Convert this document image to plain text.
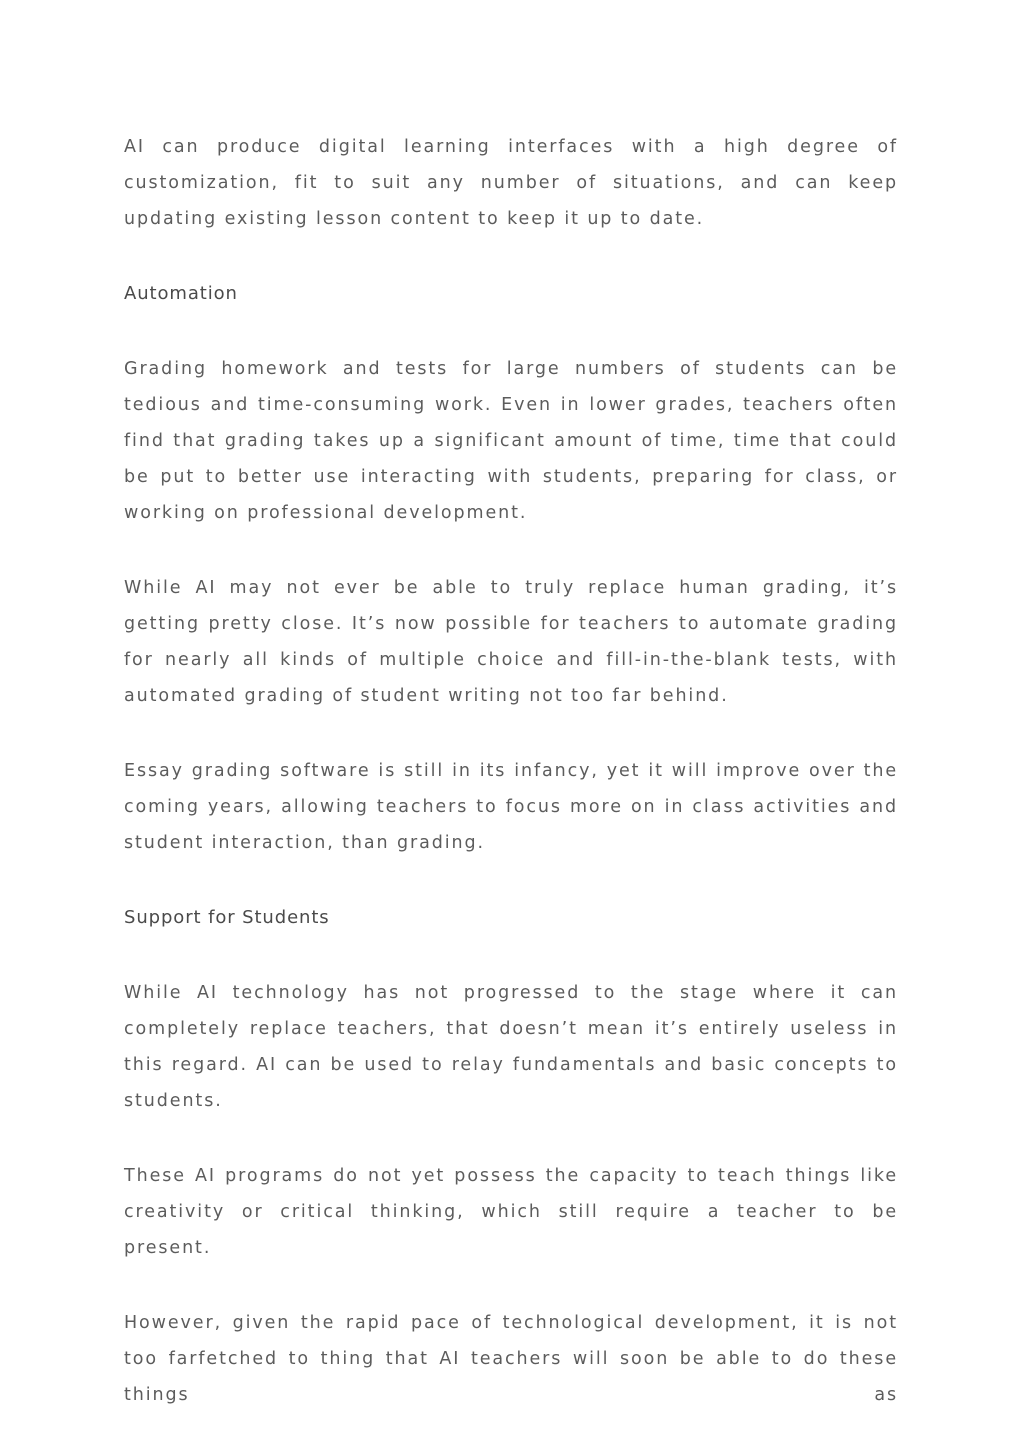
AI can produce digital learning interfaces with a high degree of customization, fit to suit any number of situations, and can keep updating existing lesson content to keep it up to date.

Automation

Grading homework and tests for large numbers of students can be tedious and time-consuming work. Even in lower grades, teachers often find that grading takes up a significant amount of time, time that could be put to better use interacting with students, preparing for class, or working on professional development.

While AI may not ever be able to truly replace human grading, it’s getting pretty close. It’s now possible for teachers to automate grading for nearly all kinds of multiple choice and fill-in-the-blank tests, with automated grading of student writing not too far behind.

Essay grading software is still in its infancy, yet it will improve over the coming years, allowing teachers to focus more on in class activities and student interaction, than grading.

Support for Students

While AI technology has not progressed to the stage where it can completely replace teachers, that doesn’t mean it’s entirely useless in this regard. AI can be used to relay fundamentals and basic concepts to students.

These AI programs do not yet possess the capacity to teach things like creativity or critical thinking, which still require a teacher to be present.

However, given the rapid pace of technological development, it is not too farfetched to thing that AI teachers will soon be able to do these things as
